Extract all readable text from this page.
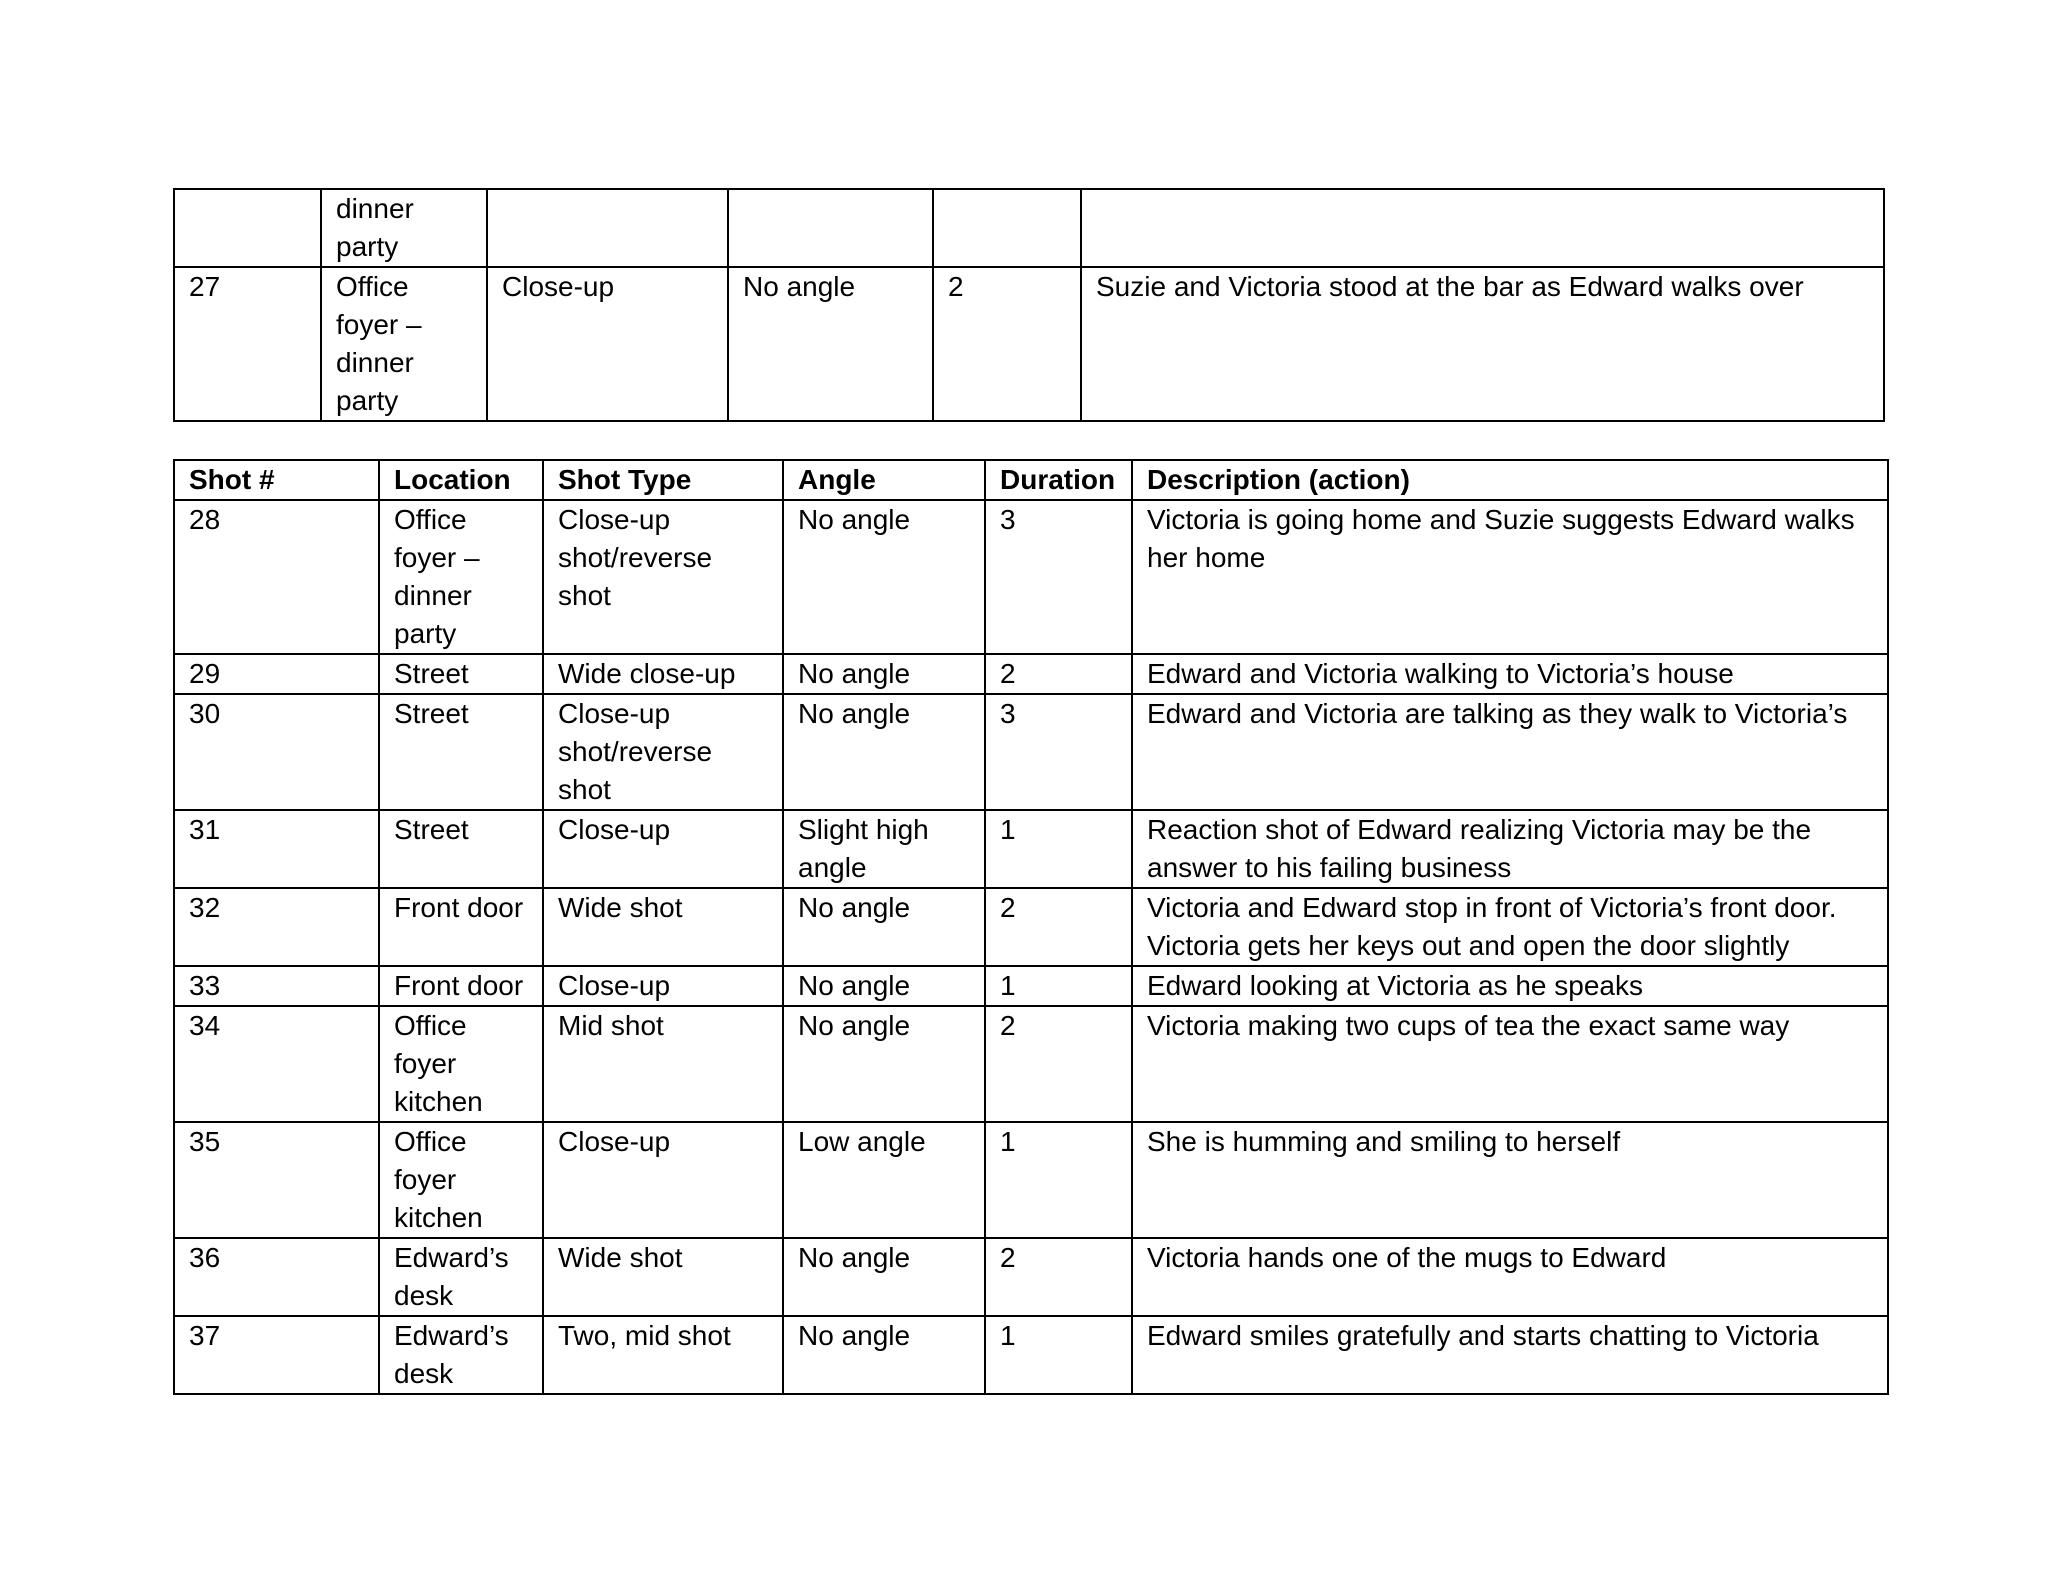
	dinner
party				

27	Office
foyer –
dinner
party	Close-up	No angle	2	Suzie and Victoria stood at the bar as Edward walks over
Shot #	Location	Shot Type	Angle	Duration	Description (action)
28	Office
foyer –
dinner
party	Close-up
shot/reverse
shot	No angle	3	Victoria is going home and Suzie suggests Edward walks
her home

29	Street	Wide close-up	No angle	2	Edward and Victoria walking to Victoria’s house

30	Street	Close-up
shot/reverse
shot	No angle	3	Edward and Victoria are talking as they walk to Victoria’s

31	Street	Close-up	Slight high
angle	1	Reaction shot of Edward realizing Victoria may be the
answer to his failing business

32	Front door	Wide shot	No angle	2	Victoria and Edward stop in front of Victoria’s front door.
Victoria gets her keys out and open the door slightly

33	Front door	Close-up	No angle	1	Edward looking at Victoria as he speaks

34	Office
foyer
kitchen	Mid shot	No angle	2	Victoria making two cups of tea the exact same way

35	Office
foyer
kitchen	Close-up	Low angle	1	She is humming and smiling to herself

36	Edward’s
desk	Wide shot	No angle	2	Victoria hands one of the mugs to Edward

37	Edward’s
desk	Two, mid shot	No angle	1	Edward smiles gratefully and starts chatting to Victoria
